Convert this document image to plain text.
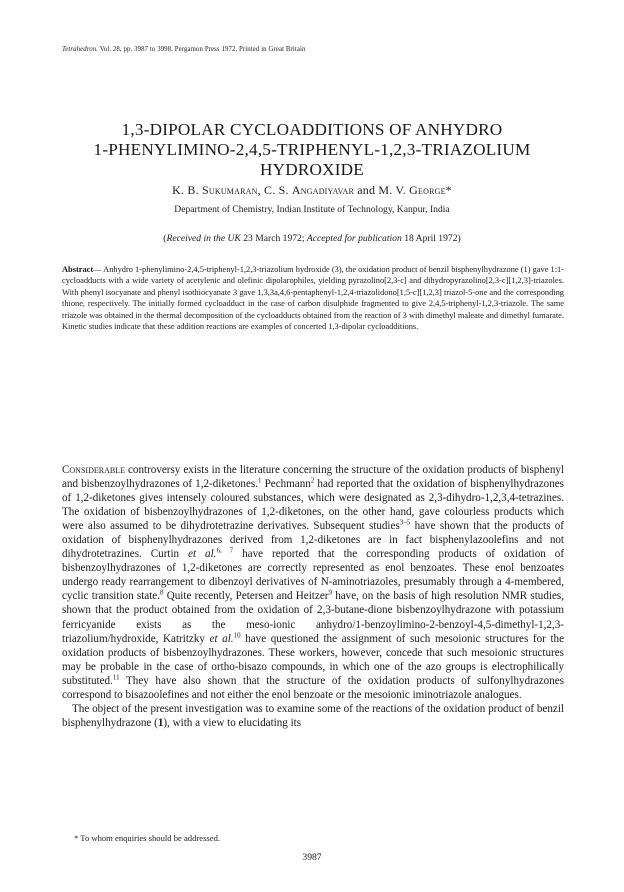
Tetrahedron. Vol. 28, pp. 3987 to 3998. Pergamon Press 1972. Printed in Great Britain
1,3-DIPOLAR CYCLOADDITIONS OF ANHYDRO
1-PHENYLIMINO-2,4,5-TRIPHENYL-1,2,3-TRIAZOLIUM
HYDROXIDE
K. B. Sukumaran, C. S. Angadiyavar and M. V. George*
Department of Chemistry, Indian Institute of Technology, Kanpur, India
(Received in the UK 23 March 1972; Accepted for publication 18 April 1972)
Abstract— Anhydro 1-phenylimino-2,4,5-triphenyl-1,2,3-triazolium hydroxide (3), the oxidation product of benzil bisphenylhydrazone (1) gave 1:1-cycloadducts with a wide variety of acetylenic and olefinic dipolarophiles, yielding pyrazolino[2,3-c] and dihydropyrazolino[2,3-c][1,2,3]-triazoles. With phenyl isocyanate and phenyl isothiocyanate 3 gave 1,3,3a,4,6-pentaphenyl-1,2,4-triazolidono[1,5-c][1,2,3] triazol-5-one and the corresponding thione, respectively. The initially formed cycloadduct in the case of carbon disulphide fragmented to give 2,4,5-triphenyl-1,2,3-triazole. The same triazole was obtained in the thermal decomposition of the cycloadducts obtained from the reaction of 3 with dimethyl maleate and dimethyl fumarate. Kinetic studies indicate that these addition reactions are examples of concerted 1,3-dipolar cycloadditions.

Considerable controversy exists in the literature concerning the structure of the oxidation products of bisphenyl and bisbenzoylhydrazones of 1,2-diketones.$^1$ Pechmann$^2$ had reported that the oxidation of bisphenylhydrazones of 1,2-diketones gives intensely coloured substances, which were designated as 2,3-dihydro-1,2,3,4-tetrazines. The oxidation of bisbenzoylhydrazones of 1,2-diketones, on the other hand, gave colourless products which were also assumed to be dihydrotetrazine derivatives. Subsequent studies$^{3-5}$ have shown that the products of oxidation of bisphenylhydrazones derived from 1,2-diketones are in fact bisphenylazoolefins and not dihydrotetrazines. Curtin et al.$^{6, 7}$ have reported that the corresponding products of oxidation of bisbenzoylhydrazones of 1,2-diketones are correctly represented as enol benzoates. These enol benzoates undergo ready rearrangement to dibenzoyl derivatives of N-aminotriazoles, presumably through a 4-membered, cyclic transition state.$^8$ Quite recently, Petersen and Heitzer$^9$ have, on the basis of high resolution NMR studies, shown that the product obtained from the oxidation of 2,3-butane-dione bisbenzoylhydrazone with potassium ferricyanide exists as the meso-ionic anhydro/1-benzoylimino-2-benzoyl-4,5-dimethyl-1,2,3-triazolium/hydroxide, Katritzky et al.$^{10}$ have questioned the assignment of such mesoionic structures for the oxidation products of bisbenzoylhydrazones. These workers, however, concede that such mesoionic structures may be probable in the case of ortho-bisazo compounds, in which one of the azo groups is electrophilically substituted.$^{11}$ They have also shown that the structure of the oxidation products of sulfonylhydrazones correspond to bisazoolefines and not either the enol benzoate or the mesoionic iminotriazole analogues.

The object of the present investigation was to examine some of the reactions of the oxidation product of benzil bisphenylhydrazone (1), with a view to elucidating its

* To whom enquiries should be addressed.
3987
